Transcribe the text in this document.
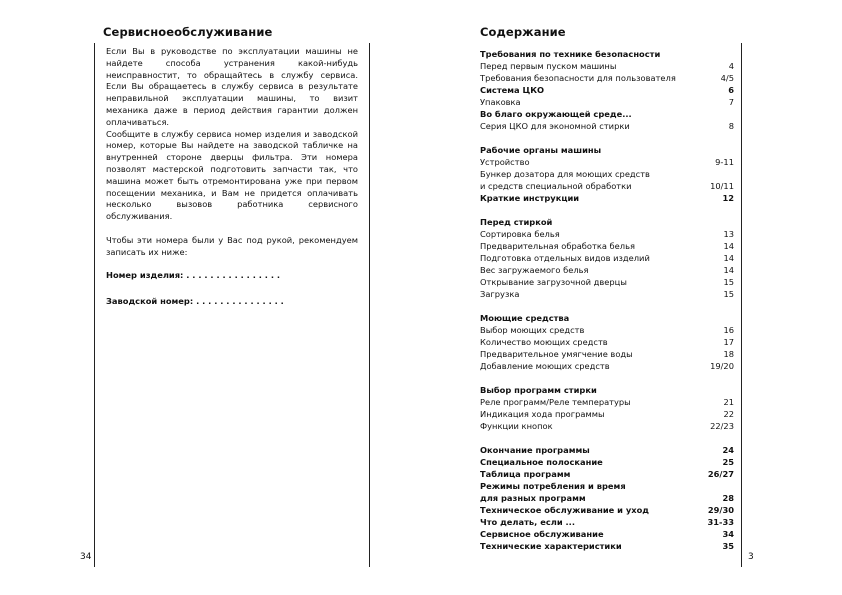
Сервисноеобслуживание

Если Вы в руководстве по эксплуатации машины не найдете способа устранения какой-нибудь неисправностит, то обращайтесь в службу сервиса. Если Вы обращаетесь в службу сервиса в результате неправильной эксплуатации машины, то визит механика даже в период действия гарантии должен оплачиваться.

Сообщите в службу сервиса номер изделия и заводской номер, которые Вы найдете на заводской табличке на внутренней стороне дверцы фильтра. Эти номера позволят мастерской подготовить запчасти так, что машина может быть отремонтирована уже при первом посещении механика, и Вам не придется оплачивать несколько вызовов работника сервисного обслуживания.

Чтобы эти номера были у Вас под рукой, рекомендуем записать их ниже:

Номер изделия: . . . . . . . . . . . . . . . .

Заводской номер: . . . . . . . . . . . . . . .

34
Содержание
Требования по технике безопасности
Перед первым пуском машины	4
Требования безопасности для пользователя	4/5
Система ЦКО	6
Упаковка	7
Во благо окружающей среде...
Серия ЦКО для экономной стирки	8
Рабочие органы машины
Устройство	9-11
Бункер дозатора для моющих средств
и средств специальной обработки	10/11
Краткие инструкции	12
Перед стиркой
Сортировка белья	13
Предварительная обработка белья	14
Подготовка отдельных видов изделий	14
Вес загружаемого белья	14
Открывание загрузочной дверцы	15
Загрузка	15
Моющие средства
Выбор моющих средств	16
Количество моющих средств	17
Предварительное умягчение воды	18
Добавление моющих средств	19/20
Выбор программ стирки
Реле программ/Реле температуры	21
Индикация хода программы	22
Функции кнопок	22/23
Окончание программы	24
Специальное полоскание	25
Таблица программ	26/27
Режимы потребления и время
для разных программ	28
Техническое обслуживание и уход	29/30
Что делать, если ...	31-33
Сервисное обслуживание	34
Технические характеристики	35
3
